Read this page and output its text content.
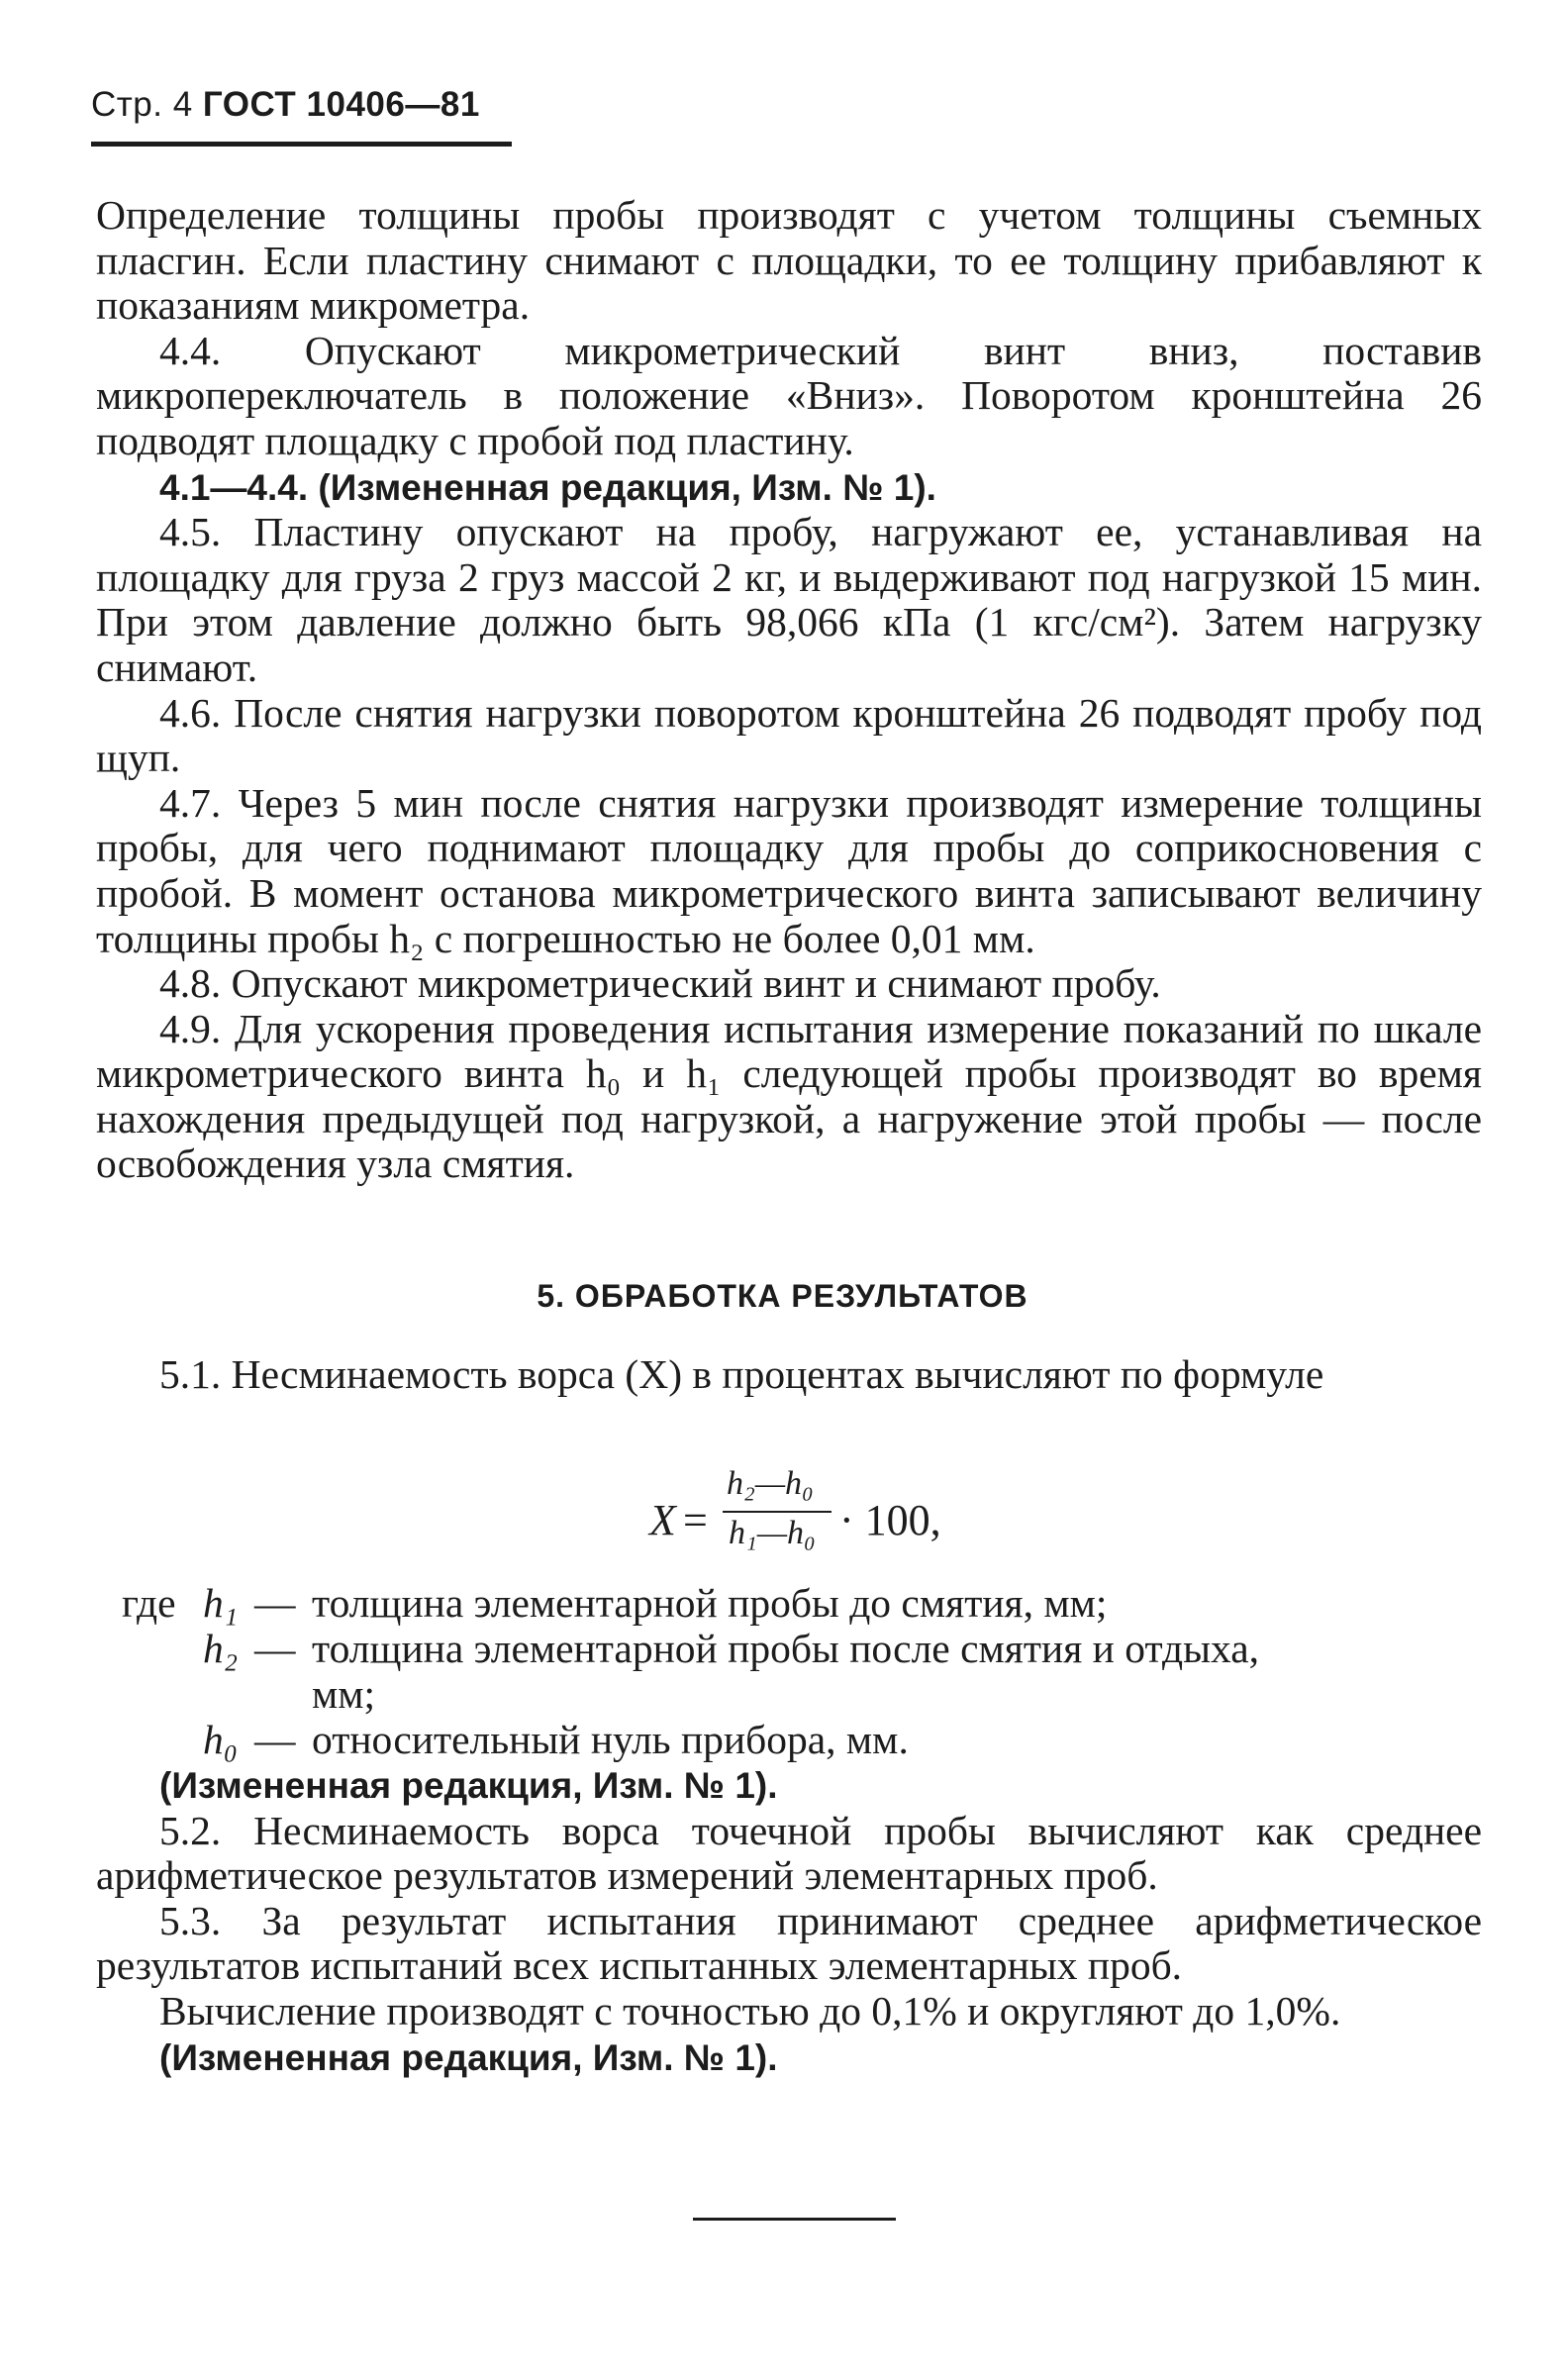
Стр. 4 ГОСТ 10406—81

Определение толщины пробы производят с учетом толщины съемных пласгин. Если пластину снимают с площадки, то ее толщину прибавляют к показаниям микрометра.

4.4. Опускают микрометрический винт вниз, поставив микропереключатель в положение «Вниз». Поворотом кронштейна 26 подводят площадку с пробой под пластину.

4.1—4.4. (Измененная редакция, Изм. № 1).

4.5. Пластину опускают на пробу, нагружают ее, устанавливая на площадку для груза 2 груз массой 2 кг, и выдерживают под нагрузкой 15 мин. При этом давление должно быть 98,066 кПа (1 кгс/см²). Затем нагрузку снимают.

4.6. После снятия нагрузки поворотом кронштейна 26 подводят пробу под щуп.

4.7. Через 5 мин после снятия нагрузки производят измерение толщины пробы, для чего поднимают площадку для пробы до соприкосновения с пробой. В момент останова микрометрического винта записывают величину толщины пробы h₂ с погрешностью не более 0,01 мм.

4.8. Опускают микрометрический винт и снимают пробу.

4.9. Для ускорения проведения испытания измерение показаний по шкале микрометрического винта h₀ и h₁ следующей пробы производят во время нахождения предыдущей под нагрузкой, а нагружение этой пробы — после освобождения узла смятия.

5. ОБРАБОТКА РЕЗУЛЬТАТОВ

5.1. Несминаемость ворса (X) в процентах вычисляют по формуле

X =
h₂—h₀
h₁—h₀ · 100,
где h₁ — толщина элементарной пробы до смятия, мм;
h₂ — толщина элементарной пробы после смятия и отдыха,
мм;
h₀ — относительный нуль прибора, мм.

(Измененная редакция, Изм. № 1).

5.2. Несминаемость ворса точечной пробы вычисляют как среднее арифметическое результатов измерений элементарных проб.

5.3. За результат испытания принимают среднее арифметическое результатов испытаний всех испытанных элементарных проб.

Вычисление производят с точностью до 0,1% и округляют до 1,0%.

(Измененная редакция, Изм. № 1).
